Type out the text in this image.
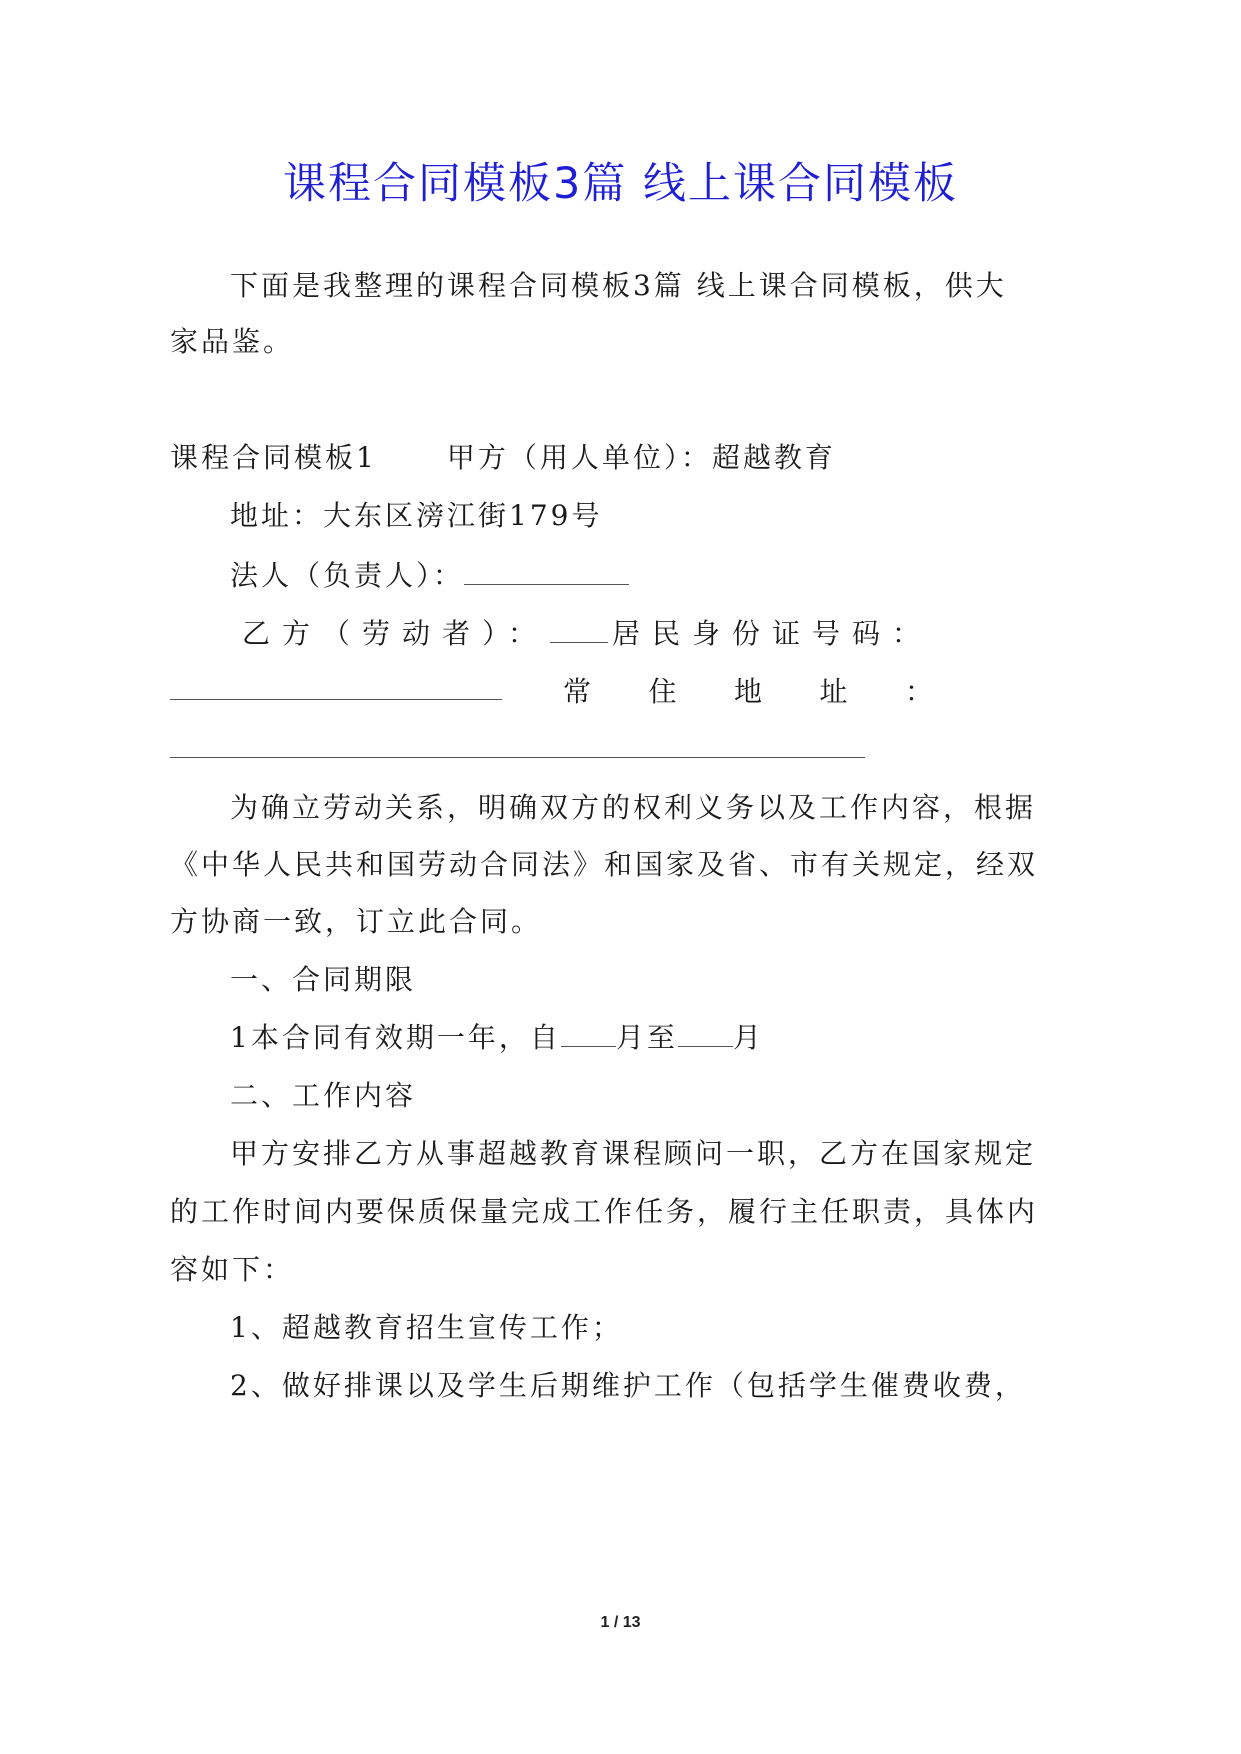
课程合同模板3篇 线上课合同模板
下面是我整理的课程合同模板3篇 线上课合同模板，供大
家品鉴。
课程合同模板1	甲方（用人单位）：超越教育
地址：大东区滂江街179号
法人（负责人）：
乙方（劳动者）： 居民身份证号码：
常 住 地 址 ：
为确立劳动关系，明确双方的权利义务以及工作内容，根据
《中华人民共和国劳动合同法》和国家及省、市有关规定，经双
方协商一致，订立此合同。
一、合同期限
1本合同有效期一年，自 月至 月
二、工作内容
甲方安排乙方从事超越教育课程顾问一职，乙方在国家规定
的工作时间内要保质保量完成工作任务，履行主任职责，具体内
容如下：
1、超越教育招生宣传工作；
2、做好排课以及学生后期维护工作（包括学生催费收费，
1 / 13
